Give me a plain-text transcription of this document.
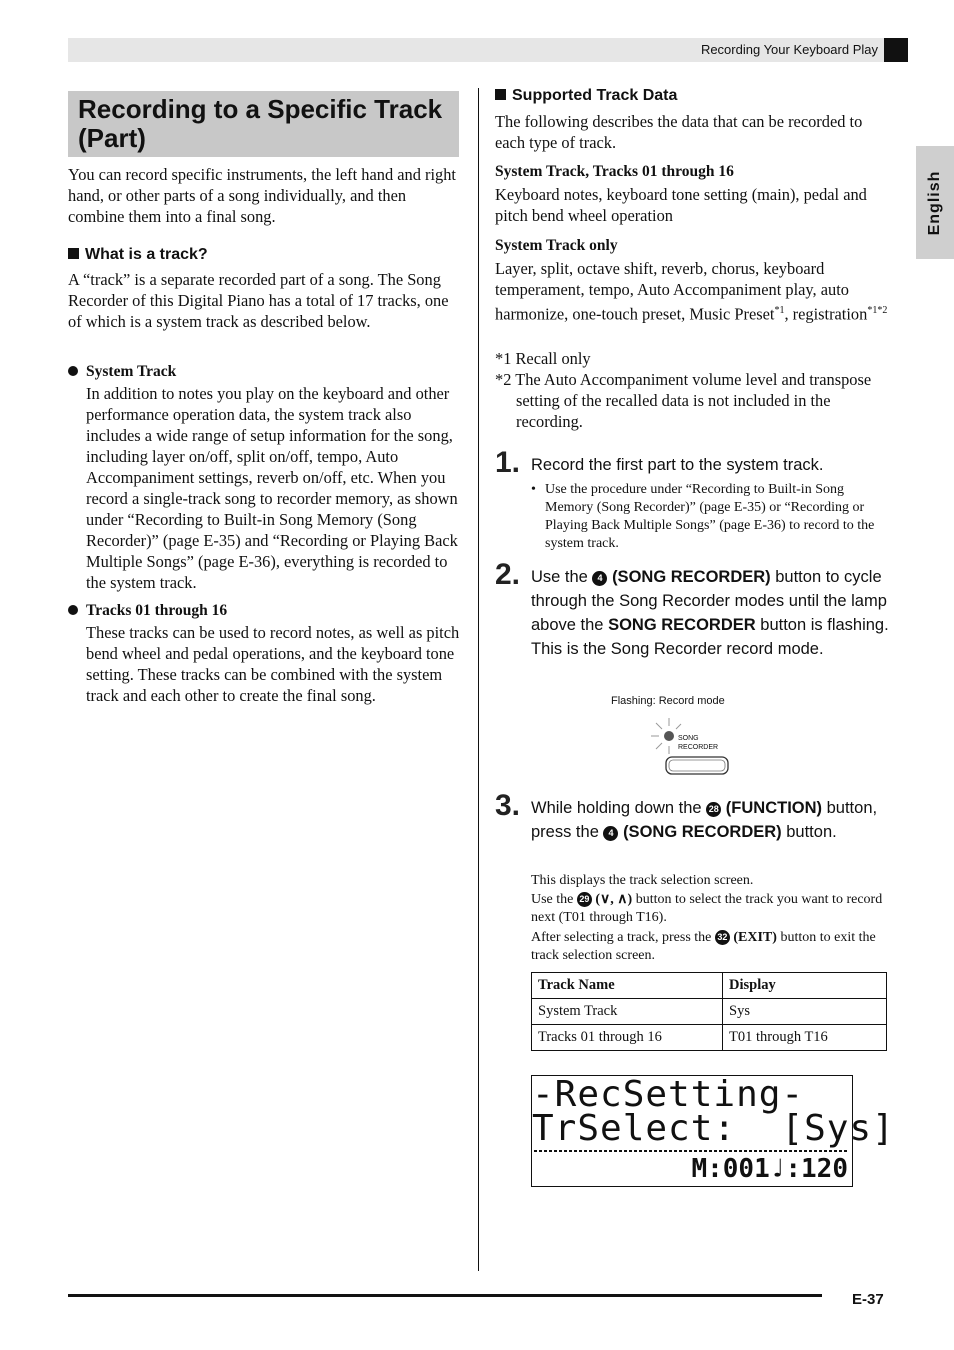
Recording Your Keyboard Play
English
Recording to a Specific Track (Part)
You can record specific instruments, the left hand and right hand, or other parts of a song individually, and then combine them into a final song.
What is a track?
A “track” is a separate recorded part of a song. The Song Recorder of this Digital Piano has a total of 17 tracks, one of which is a system track as described below.
System Track
In addition to notes you play on the keyboard and other performance operation data, the system track also includes a wide range of setup information for the song, including layer on/off, split on/off, tempo, Auto Accompaniment settings, reverb on/off, etc. When you record a single-track song to recorder memory, as shown under “Recording to Built-in Song Memory (Song Recorder)” (page E-35) and “Recording or Playing Back Multiple Songs” (page E-36), everything is recorded to the system track.
Tracks 01 through 16
These tracks can be used to record notes, as well as pitch bend wheel and pedal operations, and the keyboard tone setting. These tracks can be combined with the system track and each other to create the final song.
Supported Track Data
The following describes the data that can be recorded to each type of track.
System Track, Tracks 01 through 16
Keyboard notes, keyboard tone setting (main), pedal and pitch bend wheel operation
System Track only
Layer, split, octave shift, reverb, chorus, keyboard temperament, tempo, Auto Accompaniment play, auto harmonize, one-touch preset, Music Preset$^{*1}$, registration$^{*1*2}$
*1 Recall only
*2 The Auto Accompaniment volume level and transpose setting of the recalled data is not included in the recording.
1. Record the first part to the system track.
• Use the procedure under “Recording to Built-in Song Memory (Song Recorder)” (page E-35) or “Recording or Playing Back Multiple Songs” (page E-36) to record to the system track.
2. Use the 4 (SONG RECORDER) button to cycle through the Song Recorder modes until the lamp above the SONG RECORDER button is flashing. This is the Song Recorder record mode.
Flashing: Record mode
SONG
RECORDER
3. While holding down the 28 (FUNCTION) button, press the 4 (SONG RECORDER) button.
This displays the track selection screen.
Use the 29 (∨, ∧) button to select the track you want to record next (T01 through T16).
After selecting a track, press the 32 (EXIT) button to exit the track selection screen.
Track Name	Display
System Track	Sys
Tracks 01 through 16	T01 through T16
-RecSetting-
TrSelect:  [Sys]
M:001♩:120
E-37
